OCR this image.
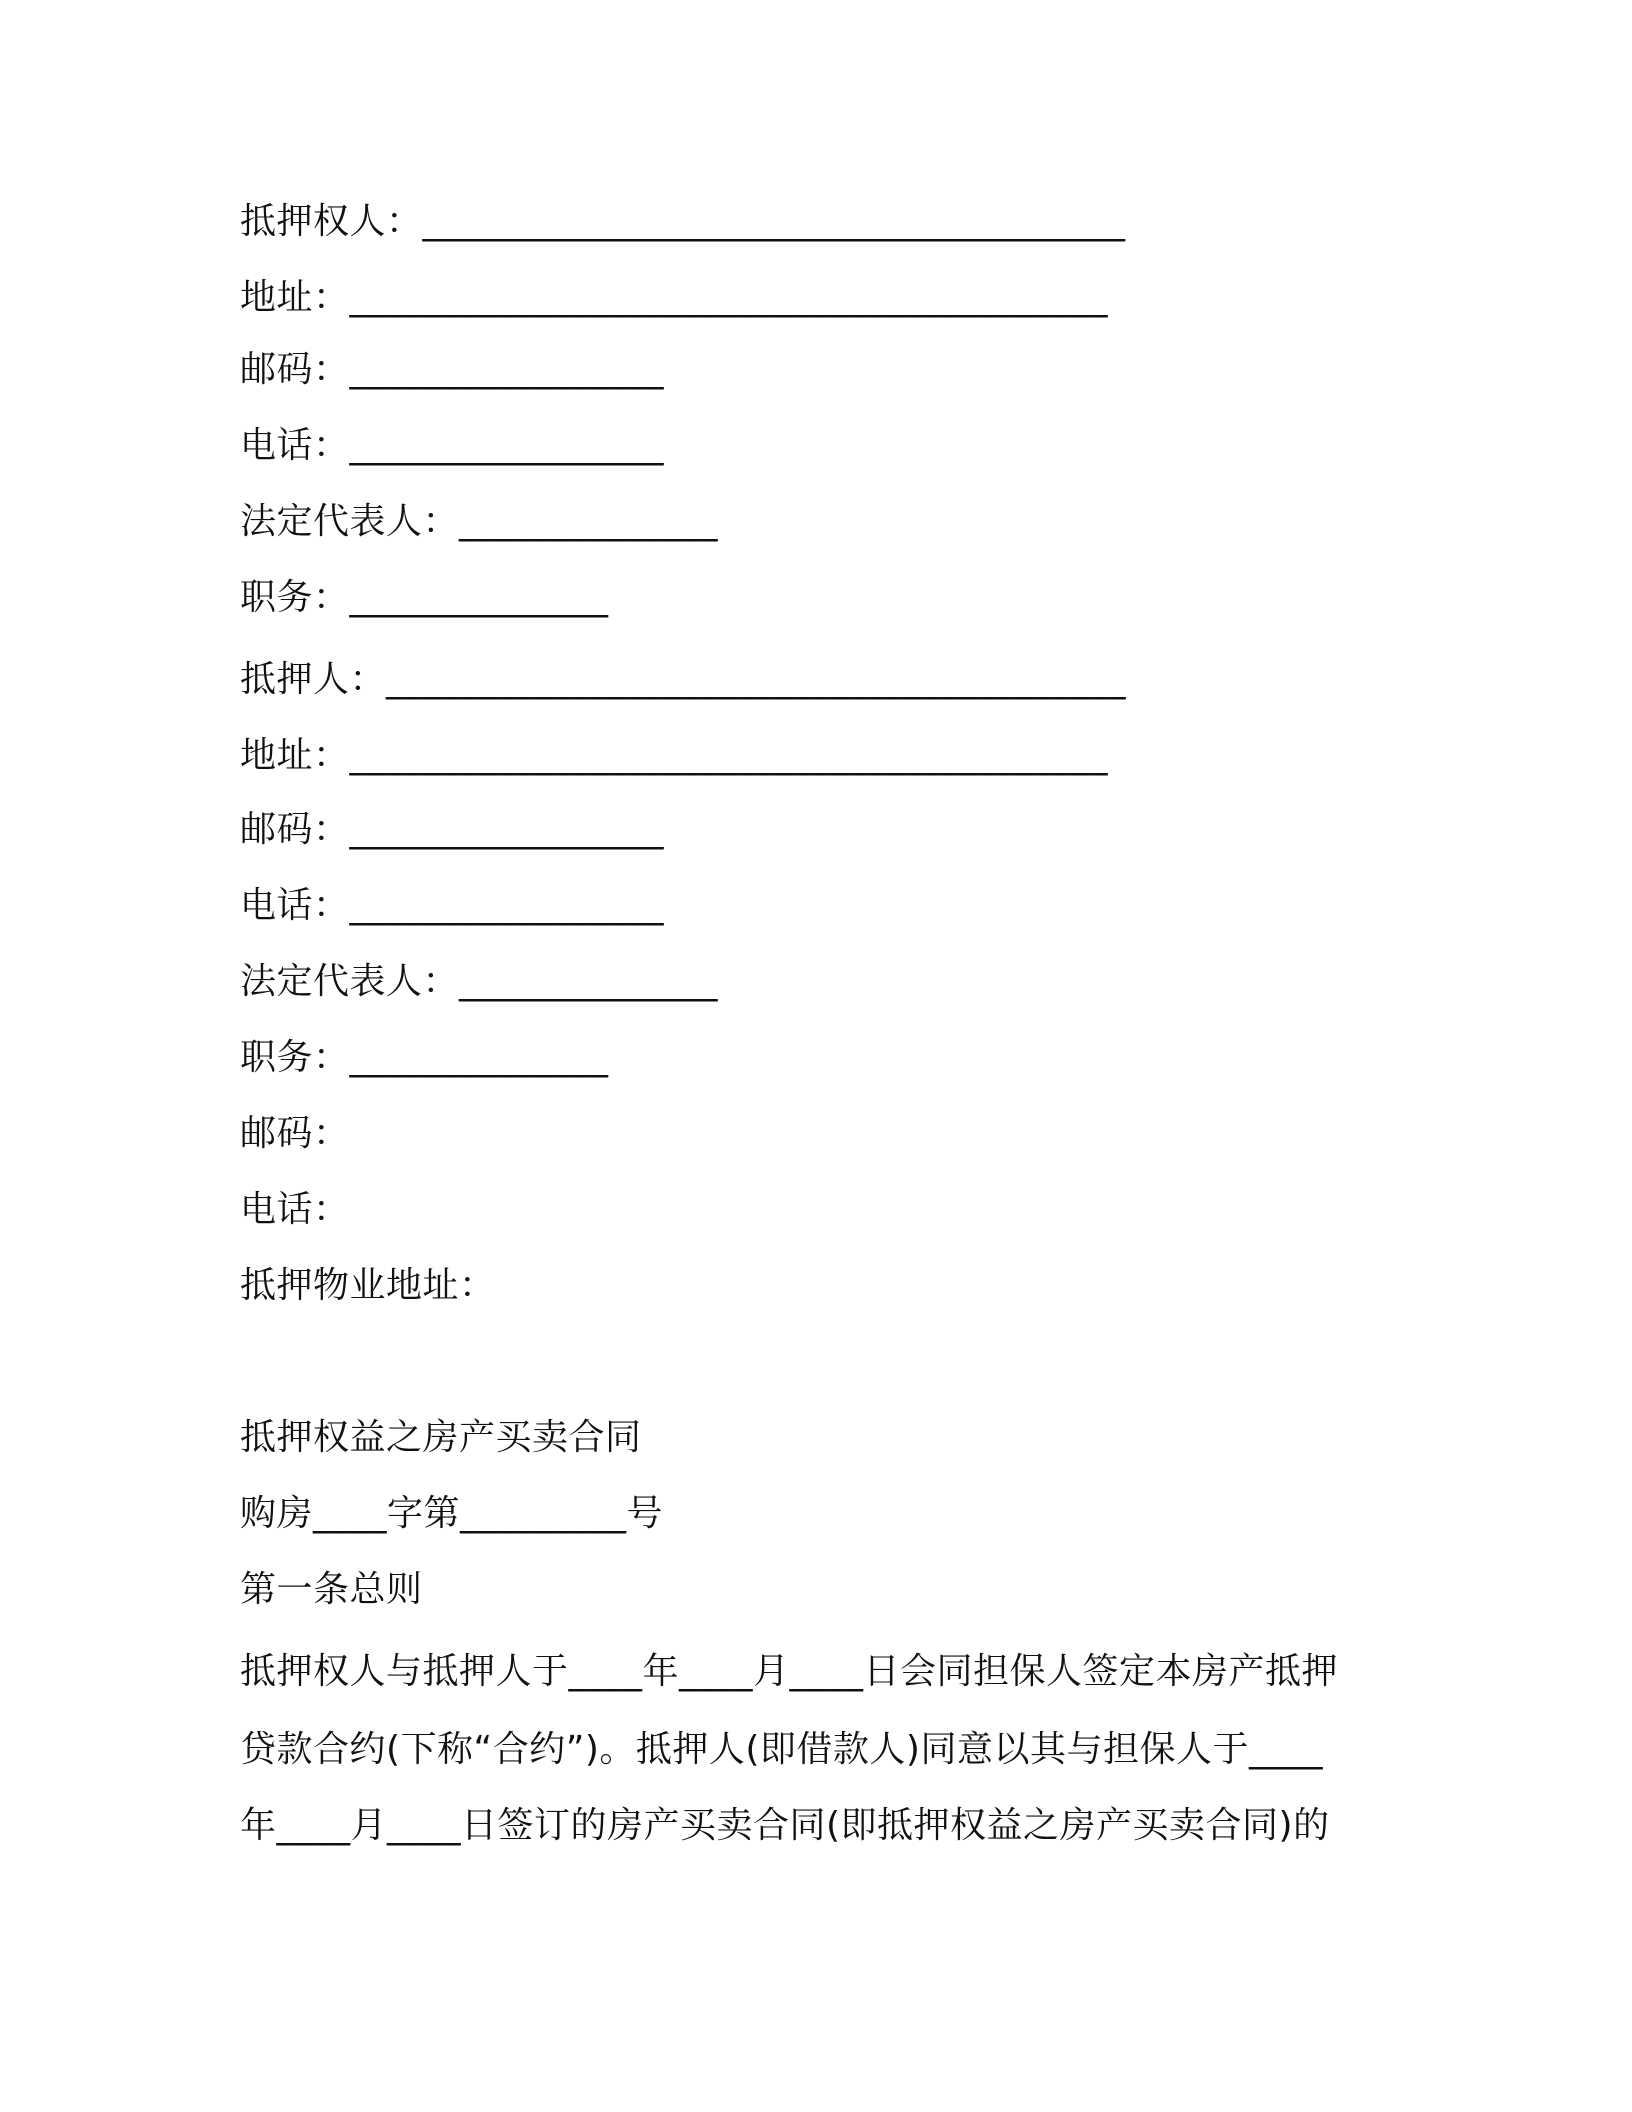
抵押权人：______________________________________
地址：_________________________________________
邮码：_________________
电话：_________________
法定代表人：______________
职务：______________
抵押人：________________________________________
地址：_________________________________________
邮码：_________________
电话：_________________
法定代表人：______________
职务：______________
邮码：
电话：
抵押物业地址：
抵押权益之房产买卖合同
购房____字第_________号
第一条总则
抵押权人与抵押人于____年____月____日会同担保人签定本房产抵押
贷款合约(下称“合约”)。抵押人(即借款人)同意以其与担保人于____
年____月____日签订的房产买卖合同(即抵押权益之房产买卖合同)的
